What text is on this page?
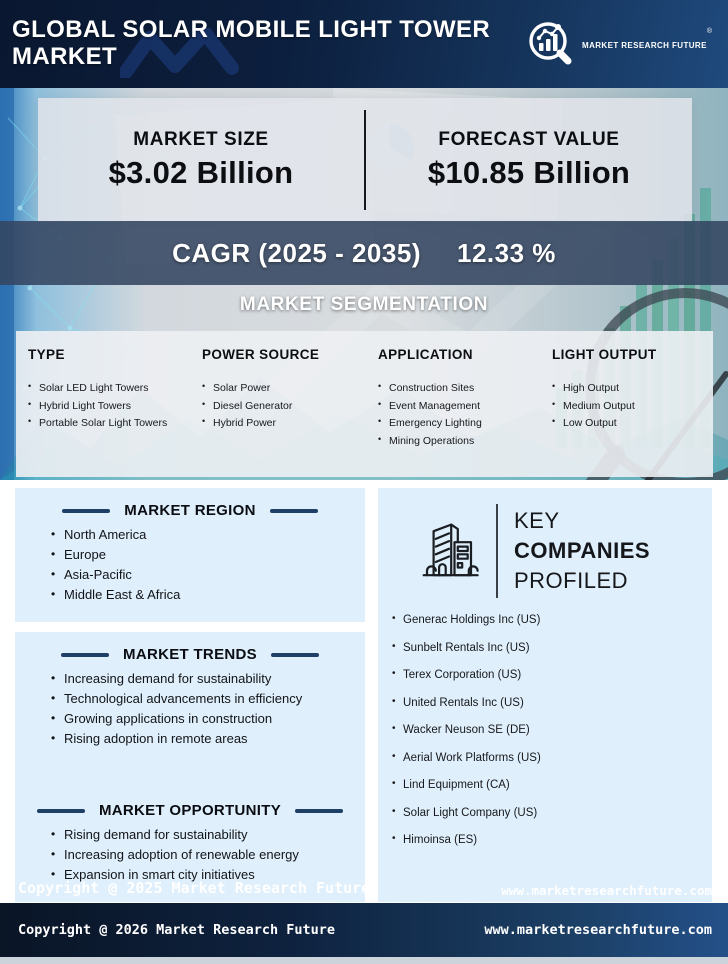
GLOBAL SOLAR MOBILE LIGHT TOWER MARKET	MARKET RESEARCH FUTURE®
MARKET SIZE
$3.02 Billion
FORECAST VALUE
$10.85 Billion
CAGR (2025 - 2035) 12.33 %
MARKET SEGMENTATION
TYPE
• Solar LED Light Towers
• Hybrid Light Towers
• Portable Solar Light Towers
POWER SOURCE
• Solar Power
• Diesel Generator
• Hybrid Power
APPLICATION
• Construction Sites
• Event Management
• Emergency Lighting
• Mining Operations
LIGHT OUTPUT
• High Output
• Medium Output
• Low Output
MARKET REGION
• North America
• Europe
• Asia-Pacific
• Middle East & Africa
MARKET TRENDS
• Increasing demand for sustainability
• Technological advancements in efficiency
• Growing applications in construction
• Rising adoption in remote areas
MARKET OPPORTUNITY
• Rising demand for sustainability
• Increasing adoption of renewable energy
• Expansion in smart city initiatives
KEY
COMPANIES
PROFILED
• Generac Holdings Inc (US)
• Sunbelt Rentals Inc (US)
• Terex Corporation (US)
• United Rentals Inc (US)
• Wacker Neuson SE (DE)
• Aerial Work Platforms (US)
• Lind Equipment (CA)
• Solar Light Company (US)
• Himoinsa (ES)
Copyright @ 2025 Market Research Future	www.marketresearchfuture.com
Copyright @ 2026 Market Research Future	www.marketresearchfuture.com
